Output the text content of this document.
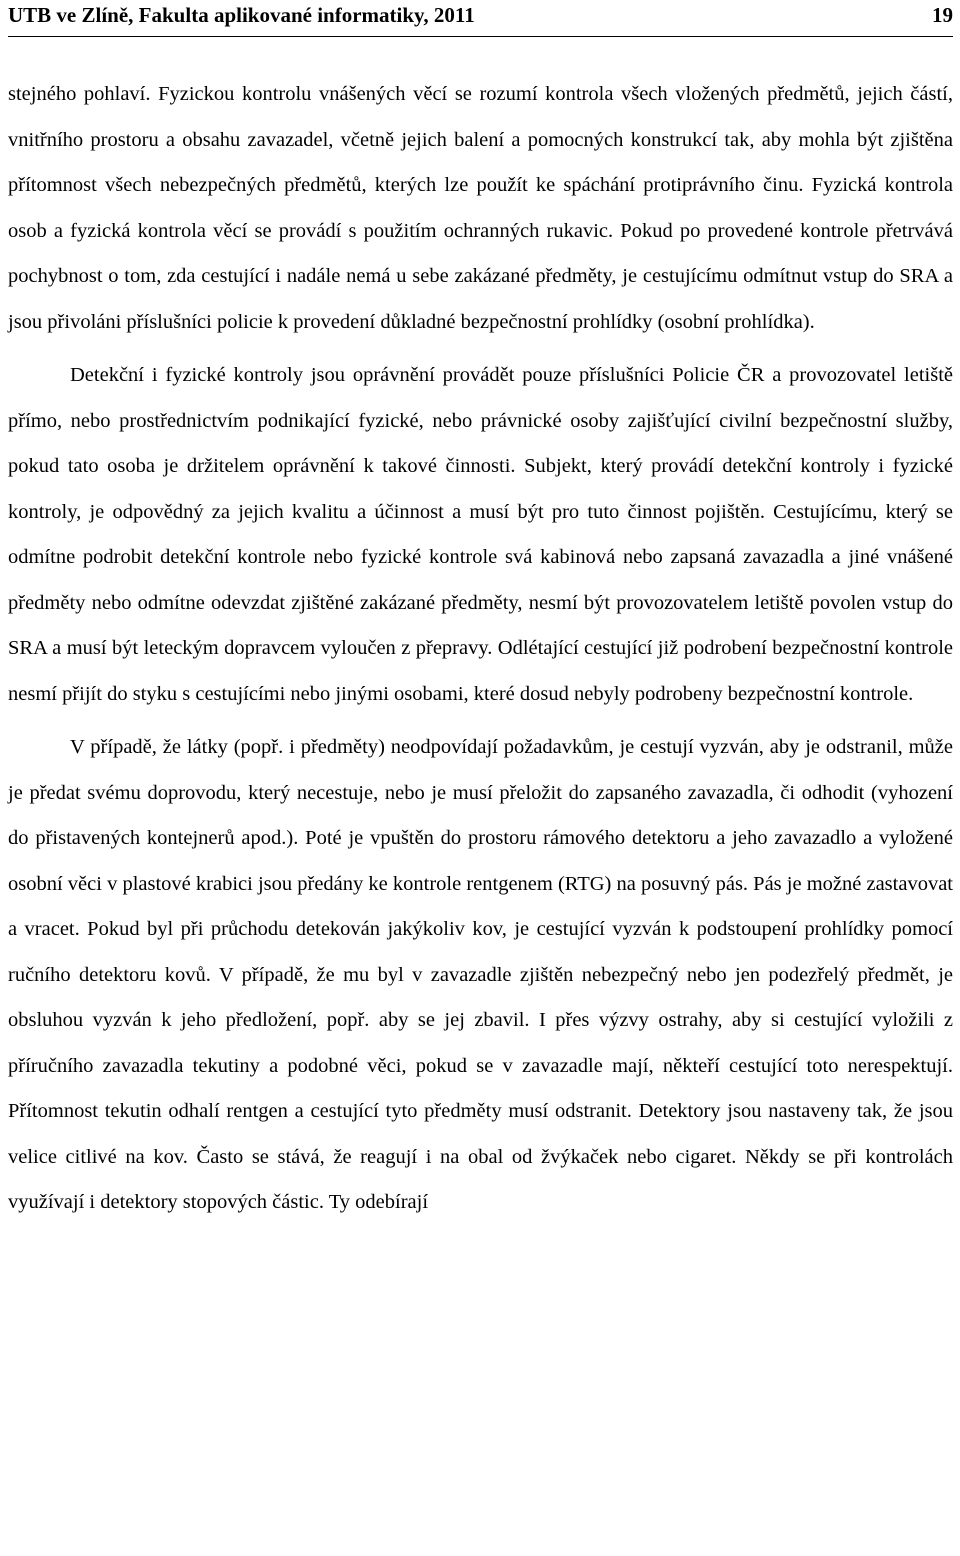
UTB ve Zlíně, Fakulta aplikované informatiky, 2011	19

stejného pohlaví. Fyzickou kontrolu vnášených věcí se rozumí kontrola všech vložených předmětů, jejich částí, vnitřního prostoru a obsahu zavazadel, včetně jejich balení a pomocných konstrukcí tak, aby mohla být zjištěna přítomnost všech nebezpečných předmětů, kterých lze použít ke spáchání protiprávního činu. Fyzická kontrola osob a fyzická kontrola věcí se provádí s použitím ochranných rukavic. Pokud po provedené kontrole přetrvává pochybnost o tom, zda cestující i nadále nemá u sebe zakázané předměty, je cestujícímu odmítnut vstup do SRA a jsou přivoláni příslušníci policie k provedení důkladné bezpečnostní prohlídky (osobní prohlídka).

Detekční i fyzické kontroly jsou oprávnění provádět pouze příslušníci Policie ČR a provozovatel letiště přímo, nebo prostřednictvím podnikající fyzické, nebo právnické osoby zajišťující civilní bezpečnostní služby, pokud tato osoba je držitelem oprávnění k takové činnosti. Subjekt, který provádí detekční kontroly i fyzické kontroly, je odpovědný za jejich kvalitu a účinnost a musí být pro tuto činnost pojištěn. Cestujícímu, který se odmítne podrobit detekční kontrole nebo fyzické kontrole svá kabinová nebo zapsaná zavazadla a jiné vnášené předměty nebo odmítne odevzdat zjištěné zakázané předměty, nesmí být provozovatelem letiště povolen vstup do SRA a musí být leteckým dopravcem vyloučen z přepravy. Odlétající cestující již podrobení bezpečnostní kontrole nesmí přijít do styku s cestujícími nebo jinými osobami, které dosud nebyly podrobeny bezpečnostní kontrole.

V případě, že látky (popř. i předměty) neodpovídají požadavkům, je cestují vyzván, aby je odstranil, může je předat svému doprovodu, který necestuje, nebo je musí přeložit do zapsaného zavazadla, či odhodit (vyhození do přistavených kontejnerů apod.). Poté je vpuštěn do prostoru rámového detektoru a jeho zavazadlo a vyložené osobní věci v plastové krabici jsou předány ke kontrole rentgenem (RTG) na posuvný pás. Pás je možné zastavovat a vracet. Pokud byl při průchodu detekován jakýkoliv kov, je cestující vyzván k podstoupení prohlídky pomocí ručního detektoru kovů. V případě, že mu byl v zavazadle zjištěn nebezpečný nebo jen podezřelý předmět, je obsluhou vyzván k jeho předložení, popř. aby se jej zbavil. I přes výzvy ostrahy, aby si cestující vyložili z příručního zavazadla tekutiny a podobné věci, pokud se v zavazadle mají, někteří cestující toto nerespektují. Přítomnost tekutin odhalí rentgen a cestující tyto předměty musí odstranit. Detektory jsou nastaveny tak, že jsou velice citlivé na kov. Často se stává, že reagují i na obal od žvýkaček nebo cigaret. Někdy se při kontrolách využívají i detektory stopových částic. Ty odebírají
